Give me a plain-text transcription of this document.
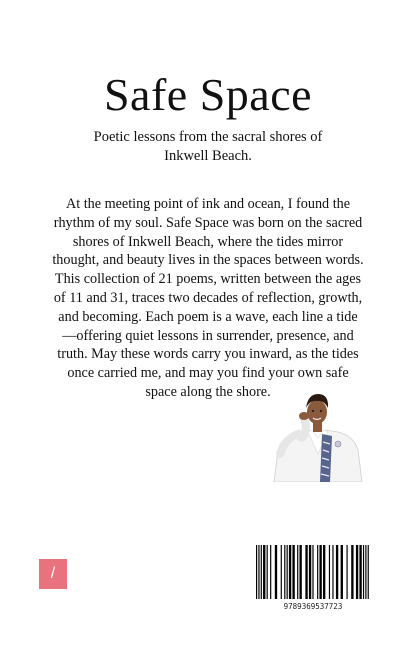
Safe Space
Poetic lessons from the sacral shores of Inkwell Beach.
At the meeting point of ink and ocean, I found the rhythm of my soul. Safe Space was born on the sacred shores of Inkwell Beach, where the tides mirror thought, and beauty lives in the spaces between words. This collection of 21 poems, written between the ages of 11 and 31, traces two decades of reflection, growth, and becoming. Each poem is a wave, each line a tide—offering quiet lessons in surrender, presence, and truth. May these words carry you inward, as the tides once carried me, and may you find your own safe space along the shore.
/
9789369537723
